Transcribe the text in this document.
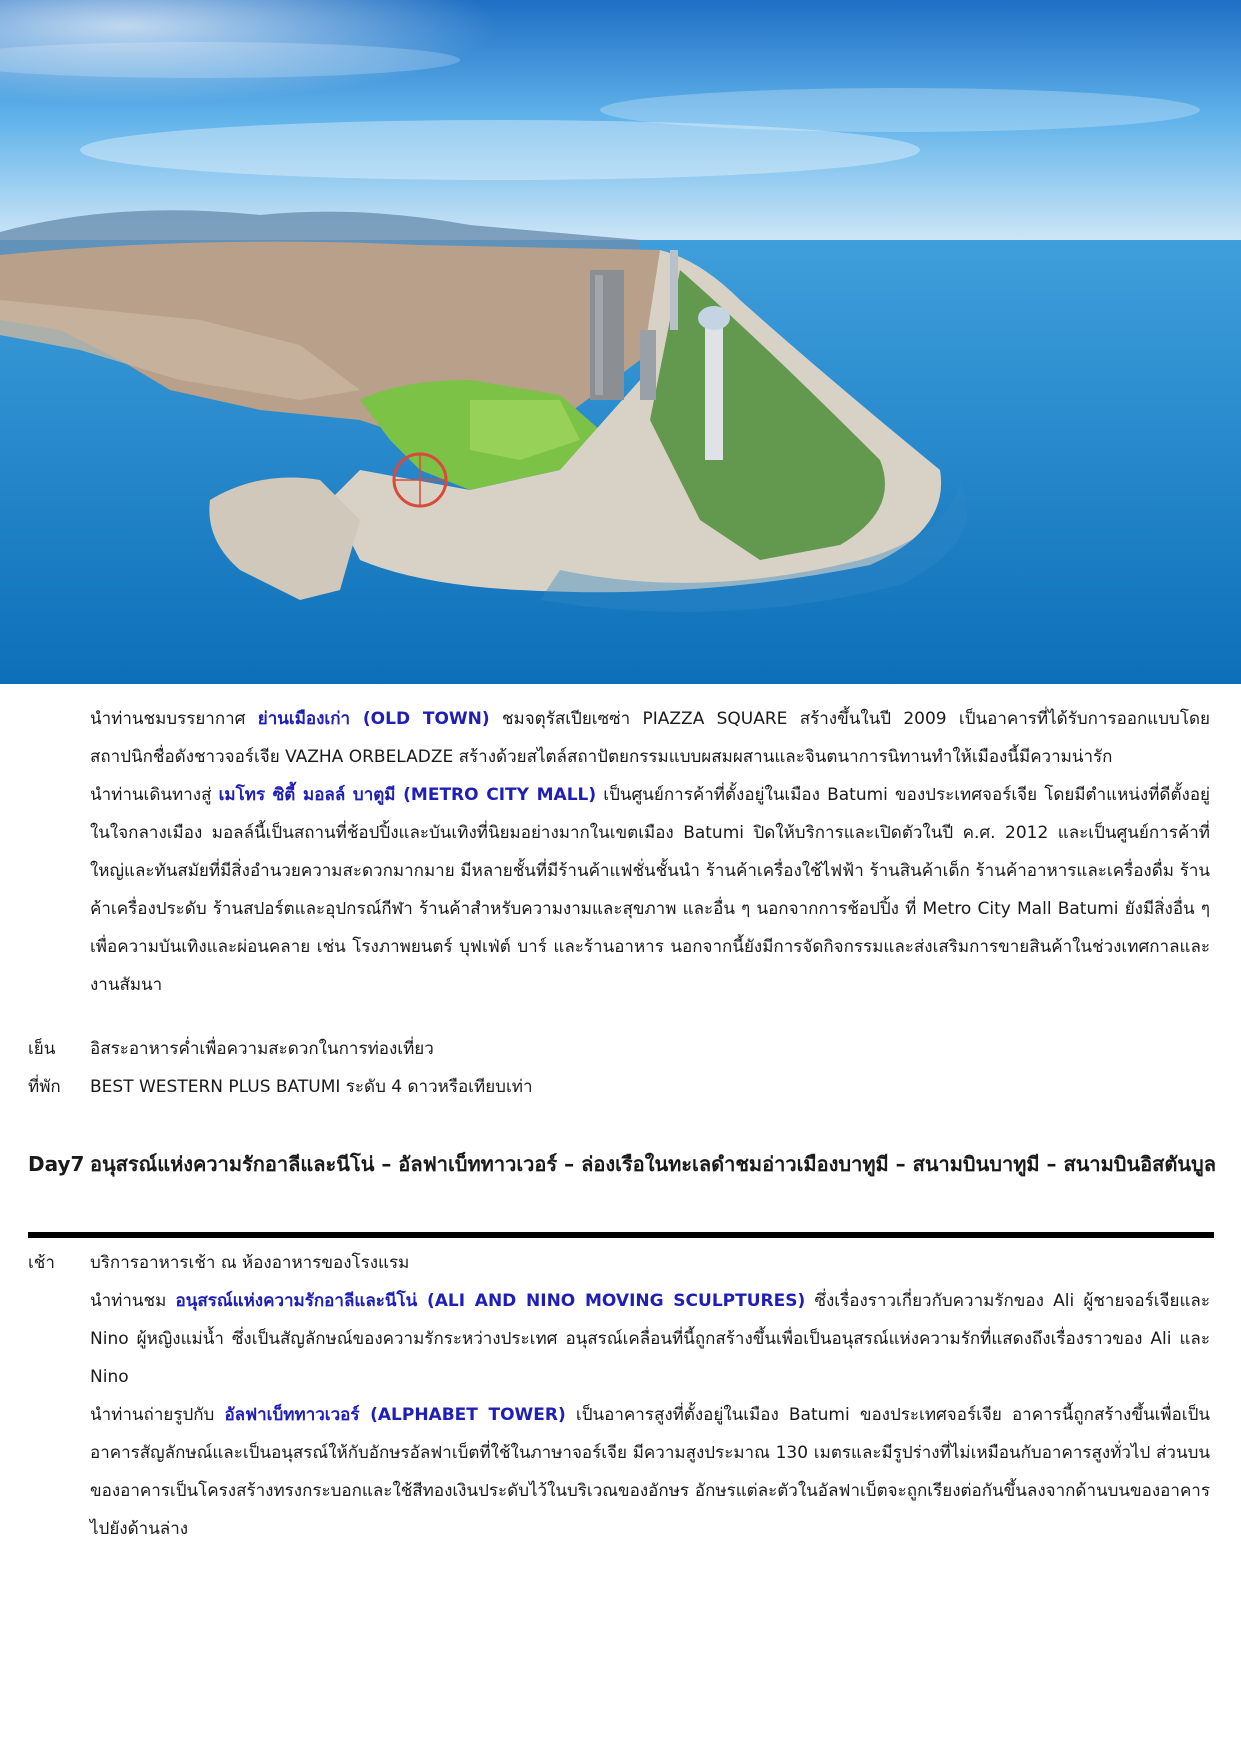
นำท่านชมบรรยากาศ ย่านเมืองเก่า (OLD TOWN) ชมจตุรัสเปียเซซ่า PIAZZA SQUARE สร้างขึ้นในปี 2009 เป็นอาคารที่ได้รับการออกแบบโดยสถาปนิกชื่อดังชาวจอร์เจีย VAZHA ORBELADZE สร้างด้วยสไตล์สถาปัตยกรรมแบบผสมผสานและจินตนาการนิทานทำให้เมืองนี้มีความน่ารัก

นำท่านเดินทางสู่ เมโทร ซิตี้ มอลล์ บาตูมี (METRO CITY MALL) เป็นศูนย์การค้าที่ตั้งอยู่ในเมือง Batumi ของประเทศจอร์เจีย โดยมีตำแหน่งที่ดีตั้งอยู่ในใจกลางเมือง มอลล์นี้เป็นสถานที่ช้อปปิ้งและบันเทิงที่นิยมอย่างมากในเขตเมือง Batumi ปิดให้บริการและเปิดตัวในปี ค.ศ. 2012 และเป็นศูนย์การค้าที่ใหญ่และทันสมัยที่มีสิ่งอำนวยความสะดวกมากมาย มีหลายชั้นที่มีร้านค้าแฟชั่นชั้นนำ ร้านค้าเครื่องใช้ไฟฟ้า ร้านสินค้าเด็ก ร้านค้าอาหารและเครื่องดื่ม ร้านค้าเครื่องประดับ ร้านสปอร์ตและอุปกรณ์กีฬา ร้านค้าสำหรับความงามและสุขภาพ และอื่น ๆ นอกจากการช้อปปิ้ง ที่ Metro City Mall Batumi ยังมีสิ่งอื่น ๆ เพื่อความบันเทิงและผ่อนคลาย เช่น โรงภาพยนตร์ บุฟเฟ่ต์ บาร์ และร้านอาหาร นอกจากนี้ยังมีการจัดกิจกรรมและส่งเสริมการขายสินค้าในช่วงเทศกาลและงานสัมนา

เย็น	อิสระอาหารค่ำเพื่อความสะดวกในการท่องเที่ยว
ที่พัก	BEST WESTERN PLUS BATUMI ระดับ 4 ดาวหรือเทียบเท่า
Day7 อนุสรณ์แห่งความรักอาลีและนีโน่ – อัลฟาเบ็ททาวเวอร์ – ล่องเรือในทะเลดำชมอ่าวเมืองบาทูมี – สนามบินบาทูมี – สนามบินอิสตันบูล
เช้า	บริการอาหารเช้า ณ ห้องอาหารของโรงแรม

นำท่านชม อนุสรณ์แห่งความรักอาลีและนีโน่ (ALI AND NINO MOVING SCULPTURES) ซึ่งเรื่องราวเกี่ยวกับความรักของ Ali ผู้ชายจอร์เจียและ Nino ผู้หญิงแม่น้ำ ซึ่งเป็นสัญลักษณ์ของความรักระหว่างประเทศ อนุสรณ์เคลื่อนที่นี้ถูกสร้างขึ้นเพื่อเป็นอนุสรณ์แห่งความรักที่แสดงถึงเรื่องราวของ Ali และ Nino

นำท่านถ่ายรูปกับ อัลฟาเบ็ททาวเวอร์ (ALPHABET TOWER) เป็นอาคารสูงที่ตั้งอยู่ในเมือง Batumi ของประเทศจอร์เจีย อาคารนี้ถูกสร้างขึ้นเพื่อเป็นอาคารสัญลักษณ์และเป็นอนุสรณ์ให้กับอักษรอัลฟาเบ็ตที่ใช้ในภาษาจอร์เจีย มีความสูงประมาณ 130 เมตรและมีรูปร่างที่ไม่เหมือนกับอาคารสูงทั่วไป ส่วนบนของอาคารเป็นโครงสร้างทรงกระบอกและใช้สีทองเงินประดับไว้ในบริเวณของอักษร อักษรแต่ละตัวในอัลฟาเบ็ตจะถูกเรียงต่อกันขึ้นลงจากด้านบนของอาคารไปยังด้านล่าง
